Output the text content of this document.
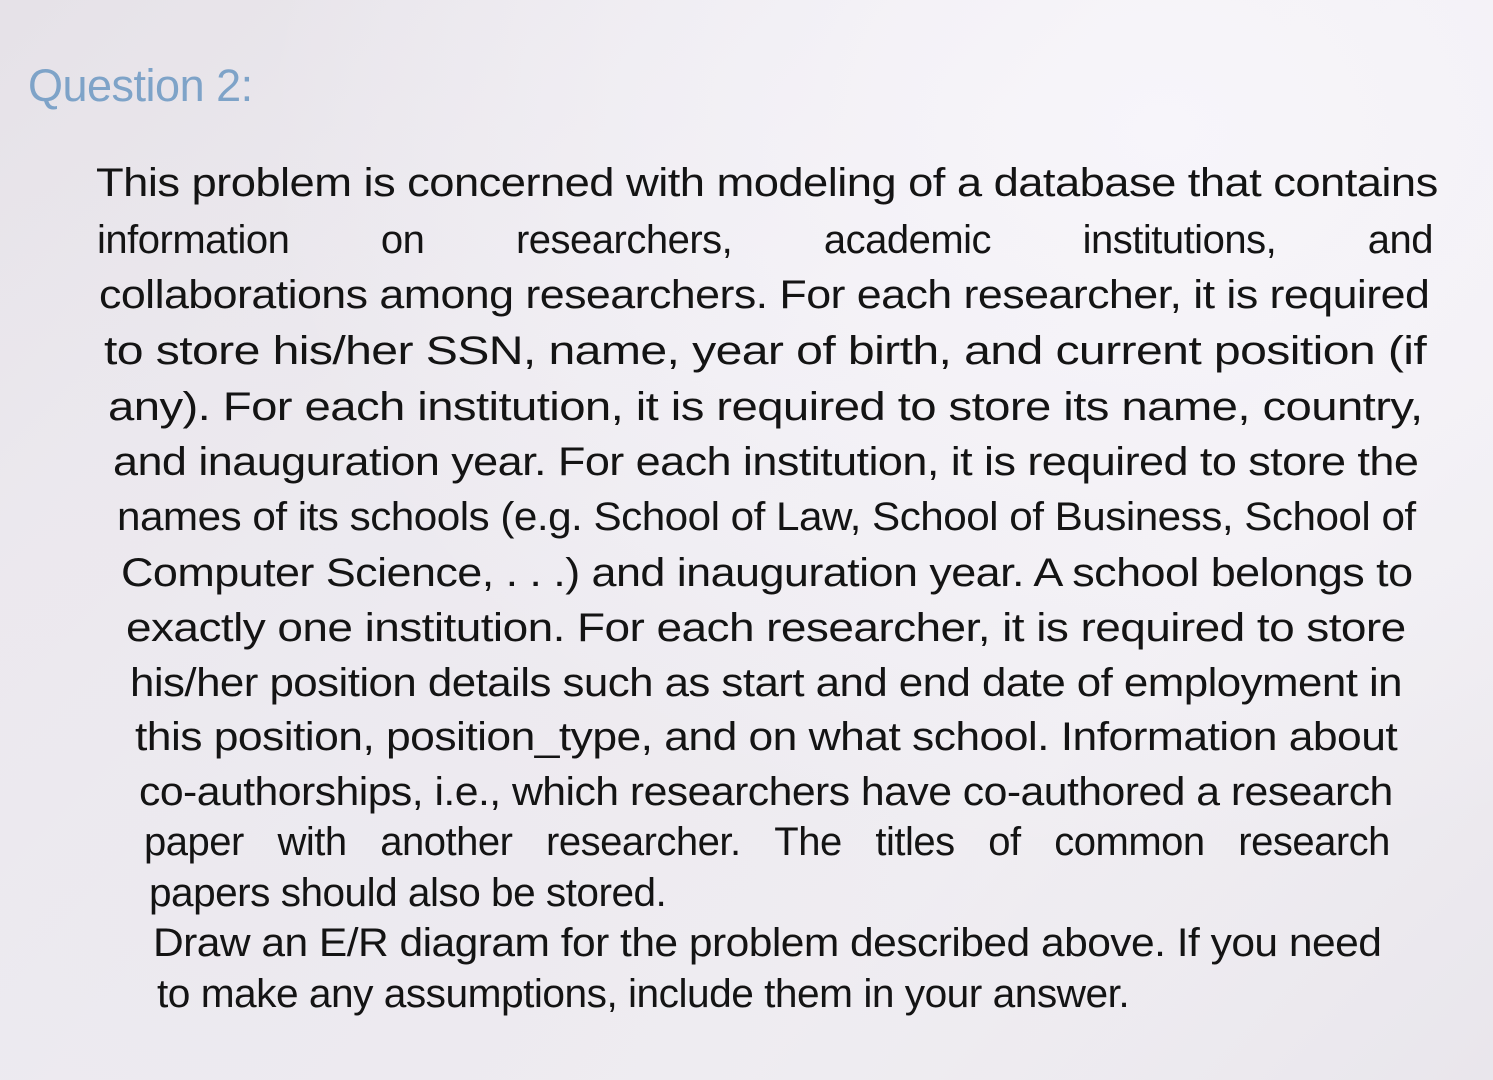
Question 2:
This problem is concerned with modeling of a database that contains
information on researchers, academic institutions, and
collaborations among researchers. For each researcher, it is required
to store his/her SSN, name, year of birth, and current position (if
any). For each institution, it is required to store its name, country,
and inauguration year. For each institution, it is required to store the
names of its schools (e.g. School of Law, School of Business, School of
Computer Science, . . .) and inauguration year. A school belongs to
exactly one institution. For each researcher, it is required to store
his/her position details such as start and end date of employment in
this position, position_type, and on what school. Information about
co-authorships, i.e., which researchers have co-authored a research
paper with another researcher. The titles of common research
papers should also be stored.
Draw an E/R diagram for the problem described above. If you need
to make any assumptions, include them in your answer.
